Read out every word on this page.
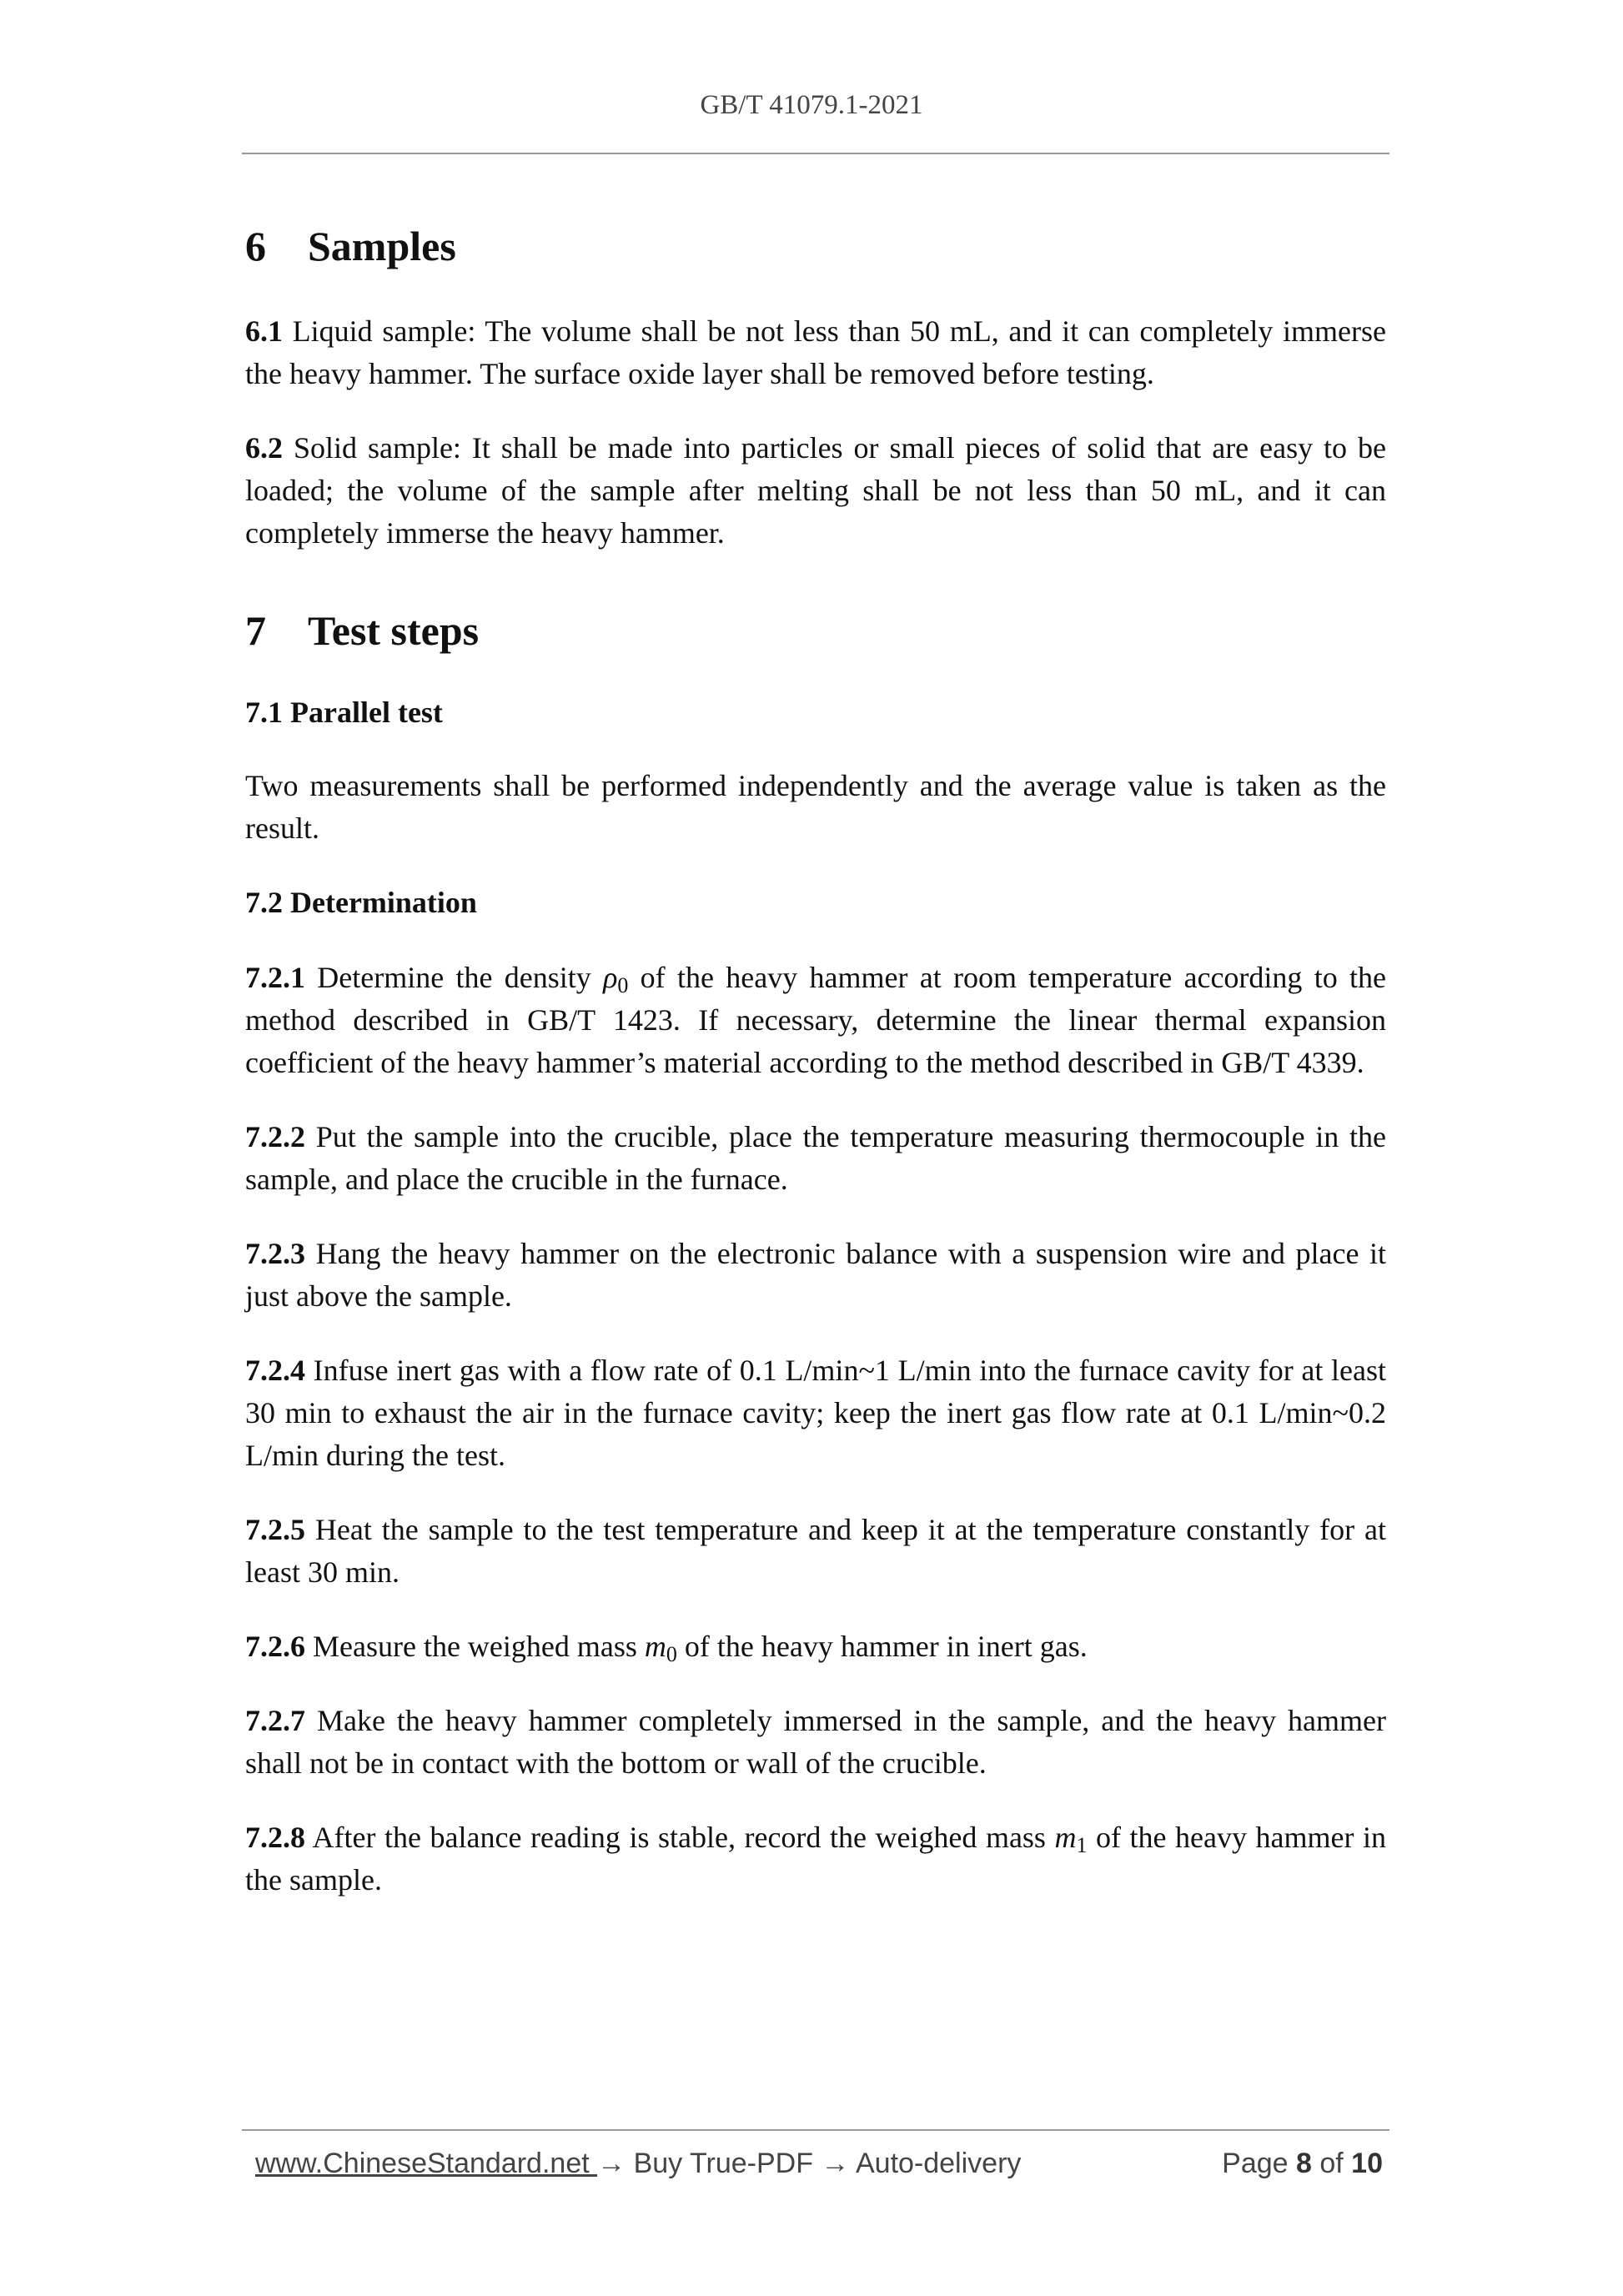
GB/T 41079.1-2021
6 Samples

6.1 Liquid sample: The volume shall be not less than 50 mL, and it can completely immerse the heavy hammer. The surface oxide layer shall be removed before testing.

6.2 Solid sample: It shall be made into particles or small pieces of solid that are easy to be loaded; the volume of the sample after melting shall be not less than 50 mL, and it can completely immerse the heavy hammer.

7 Test steps
7.1 Parallel test

Two measurements shall be performed independently and the average value is taken as the result.

7.2 Determination

7.2.1 Determine the density $\rho_0$ of the heavy hammer at room temperature according to the method described in GB/T 1423. If necessary, determine the linear thermal expansion coefficient of the heavy hammer’s material according to the method described in GB/T 4339.

7.2.2 Put the sample into the crucible, place the temperature measuring thermocouple in the sample, and place the crucible in the furnace.

7.2.3 Hang the heavy hammer on the electronic balance with a suspension wire and place it just above the sample.

7.2.4 Infuse inert gas with a flow rate of 0.1 L/min~1 L/min into the furnace cavity for at least 30 min to exhaust the air in the furnace cavity; keep the inert gas flow rate at 0.1 L/min~0.2 L/min during the test.

7.2.5 Heat the sample to the test temperature and keep it at the temperature constantly for at least 30 min.

7.2.6 Measure the weighed mass $m_0$ of the heavy hammer in inert gas.

7.2.7 Make the heavy hammer completely immersed in the sample, and the heavy hammer shall not be in contact with the bottom or wall of the crucible.

7.2.8 After the balance reading is stable, record the weighed mass $m_1$ of the heavy hammer in the sample.

www.ChineseStandard.net → Buy True-PDF → Auto-delivery	Page 8 of 10
